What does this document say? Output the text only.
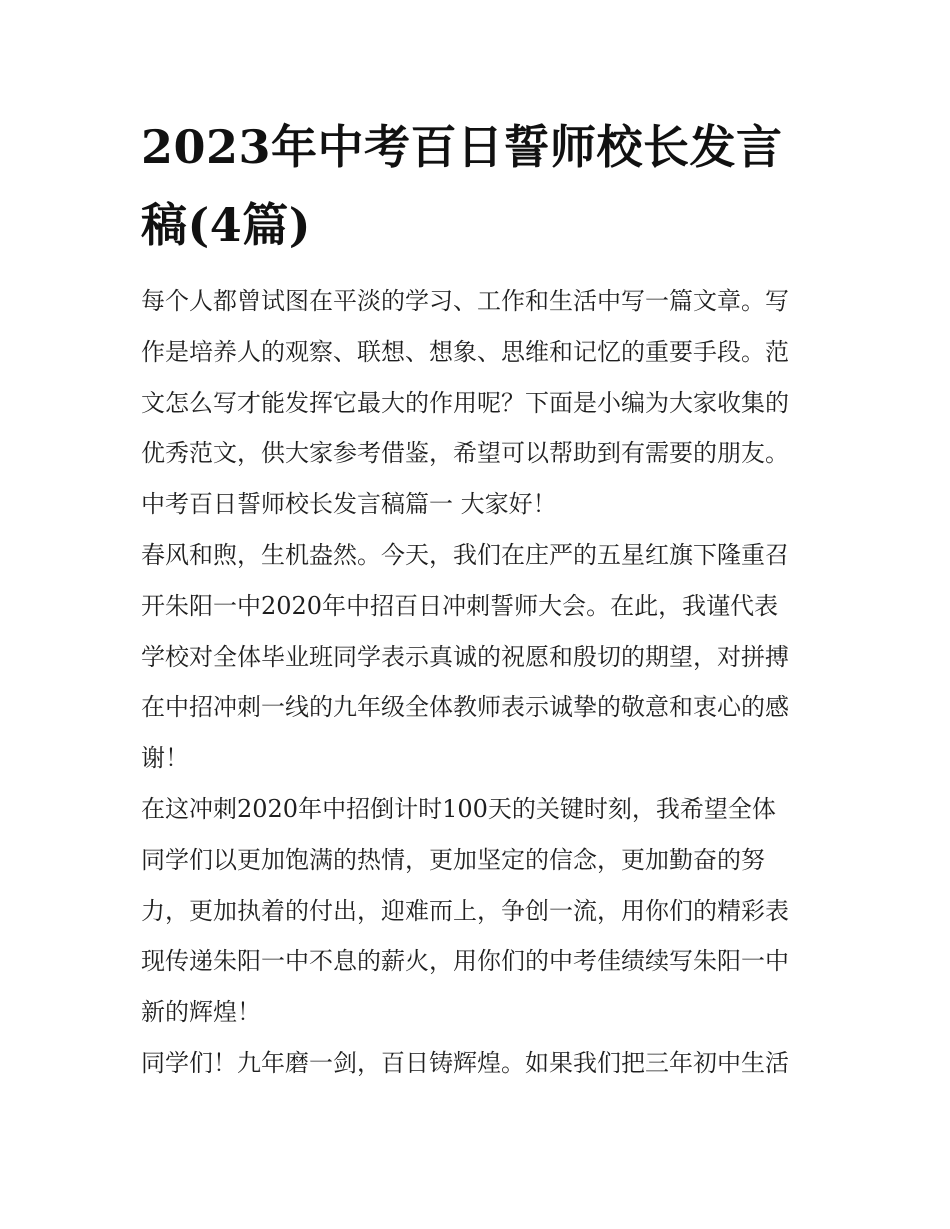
2023年中考百日誓师校长发言
稿(4篇)

每个人都曾试图在平淡的学习、工作和生活中写一篇文章。写
作是培养人的观察、联想、想象、思维和记忆的重要手段。范
文怎么写才能发挥它最大的作用呢？下面是小编为大家收集的
优秀范文，供大家参考借鉴，希望可以帮助到有需要的朋友。

中考百日誓师校长发言稿篇一 大家好！

春风和煦，生机盎然。今天，我们在庄严的五星红旗下隆重召
开朱阳一中2020年中招百日冲刺誓师大会。在此，我谨代表
学校对全体毕业班同学表示真诚的祝愿和殷切的期望，对拼搏
在中招冲刺一线的九年级全体教师表示诚挚的敬意和衷心的感
谢！

在这冲刺2020年中招倒计时100天的关键时刻，我希望全体
同学们以更加饱满的热情，更加坚定的信念，更加勤奋的努
力，更加执着的付出，迎难而上，争创一流，用你们的精彩表
现传递朱阳一中不息的薪火，用你们的中考佳绩续写朱阳一中
新的辉煌！

同学们！九年磨一剑，百日铸辉煌。如果我们把三年初中生活
